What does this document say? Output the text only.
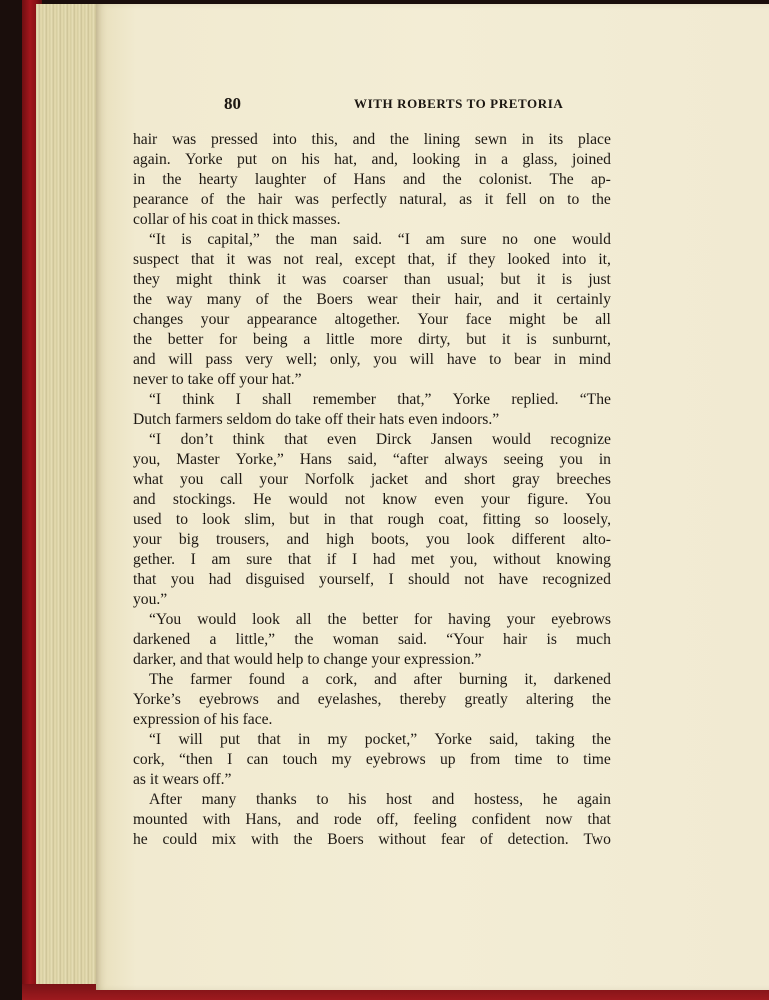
80	WITH ROBERTS TO PRETORIA
hair was pressed into this, and the lining sewn in its place
again. Yorke put on his hat, and, looking in a glass, joined
in the hearty laughter of Hans and the colonist. The ap-
pearance of the hair was perfectly natural, as it fell on to the
collar of his coat in thick masses.
“It is capital,” the man said. “I am sure no one would
suspect that it was not real, except that, if they looked into it,
they might think it was coarser than usual; but it is just
the way many of the Boers wear their hair, and it certainly
changes your appearance altogether. Your face might be all
the better for being a little more dirty, but it is sunburnt,
and will pass very well; only, you will have to bear in mind
never to take off your hat.”
“I think I shall remember that,” Yorke replied. “The
Dutch farmers seldom do take off their hats even indoors.”
“I don’t think that even Dirck Jansen would recognize
you, Master Yorke,” Hans said, “after always seeing you in
what you call your Norfolk jacket and short gray breeches
and stockings. He would not know even your figure. You
used to look slim, but in that rough coat, fitting so loosely,
your big trousers, and high boots, you look different alto-
gether. I am sure that if I had met you, without knowing
that you had disguised yourself, I should not have recognized
you.”
“You would look all the better for having your eyebrows
darkened a little,” the woman said. “Your hair is much
darker, and that would help to change your expression.”
The farmer found a cork, and after burning it, darkened
Yorke’s eyebrows and eyelashes, thereby greatly altering the
expression of his face.
“I will put that in my pocket,” Yorke said, taking the
cork, “then I can touch my eyebrows up from time to time
as it wears off.”
After many thanks to his host and hostess, he again
mounted with Hans, and rode off, feeling confident now that
he could mix with the Boers without fear of detection. Two
